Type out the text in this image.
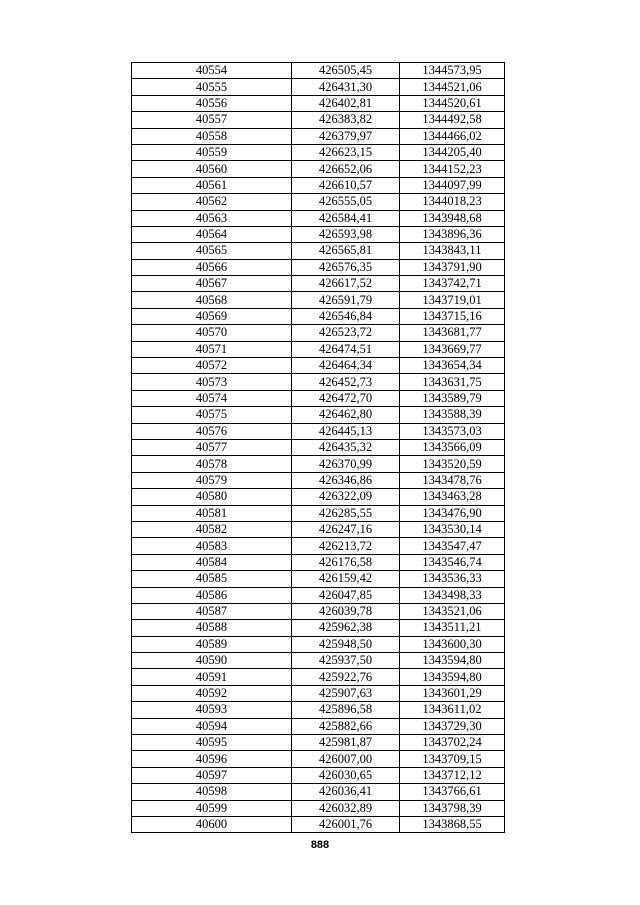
40554	426505,45	1344573,95
40555	426431,30	1344521,06
40556	426402,81	1344520,61
40557	426383,82	1344492,58
40558	426379,97	1344466,02
40559	426623,15	1344205,40
40560	426652,06	1344152,23
40561	426610,57	1344097,99
40562	426555,05	1344018,23
40563	426584,41	1343948,68
40564	426593,98	1343896,36
40565	426565,81	1343843,11
40566	426576,35	1343791,90
40567	426617,52	1343742,71
40568	426591,79	1343719,01
40569	426546,84	1343715,16
40570	426523,72	1343681,77
40571	426474,51	1343669,77
40572	426464,34	1343654,34
40573	426452,73	1343631,75
40574	426472,70	1343589,79
40575	426462,80	1343588,39
40576	426445,13	1343573,03
40577	426435,32	1343566,09
40578	426370,99	1343520,59
40579	426346,86	1343478,76
40580	426322,09	1343463,28
40581	426285,55	1343476,90
40582	426247,16	1343530,14
40583	426213,72	1343547,47
40584	426176,58	1343546,74
40585	426159,42	1343536,33
40586	426047,85	1343498,33
40587	426039,78	1343521,06
40588	425962,38	1343511,21
40589	425948,50	1343600,30
40590	425937,50	1343594,80
40591	425922,76	1343594,80
40592	425907,63	1343601,29
40593	425896,58	1343611,02
40594	425882,66	1343729,30
40595	425981,87	1343702,24
40596	426007,00	1343709,15
40597	426030,65	1343712,12
40598	426036,41	1343766,61
40599	426032,89	1343798,39
40600	426001,76	1343868,55
888
